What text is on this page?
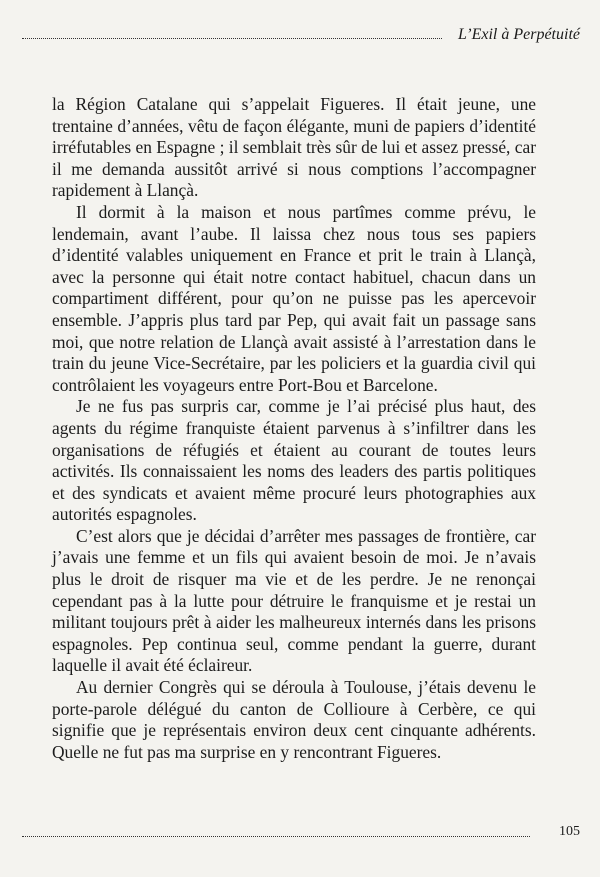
L’Exil à Perpétuité

la Région Catalane qui s’appelait Figueres. Il était jeune, une trentaine d’années, vêtu de façon élégante, muni de papiers d’identité irréfutables en Espagne ; il semblait très sûr de lui et assez pressé, car il me demanda aussitôt arrivé si nous comptions l’accompagner rapidement à Llançà.

Il dormit à la maison et nous partîmes comme prévu, le lendemain, avant l’aube. Il laissa chez nous tous ses papiers d’identité valables uniquement en France et prit le train à Llançà, avec la personne qui était notre contact habituel, chacun dans un compartiment différent, pour qu’on ne puisse pas les apercevoir ensemble. J’appris plus tard par Pep, qui avait fait un passage sans moi, que notre relation de Llançà avait assisté à l’arrestation dans le train du jeune Vice-Secrétaire, par les policiers et la guardia civil qui contrôlaient les voyageurs entre Port-Bou et Barcelone.

Je ne fus pas surpris car, comme je l’ai précisé plus haut, des agents du régime franquiste étaient parvenus à s’infiltrer dans les organisations de réfugiés et étaient au courant de toutes leurs activités. Ils connaissaient les noms des leaders des partis politiques et des syndicats et avaient même procuré leurs photographies aux autorités espagnoles.

C’est alors que je décidai d’arrêter mes passages de frontière, car j’avais une femme et un fils qui avaient besoin de moi. Je n’avais plus le droit de risquer ma vie et de les perdre. Je ne renonçai cependant pas à la lutte pour détruire le franquisme et je restai un militant toujours prêt à aider les malheureux internés dans les prisons espagnoles. Pep continua seul, comme pendant la guerre, durant laquelle il avait été éclaireur.

Au dernier Congrès qui se déroula à Toulouse, j’étais devenu le porte-parole délégué du canton de Collioure à Cerbère, ce qui signifie que je représentais environ deux cent cinquante adhérents. Quelle ne fut pas ma surprise en y rencontrant Figueres.

105
